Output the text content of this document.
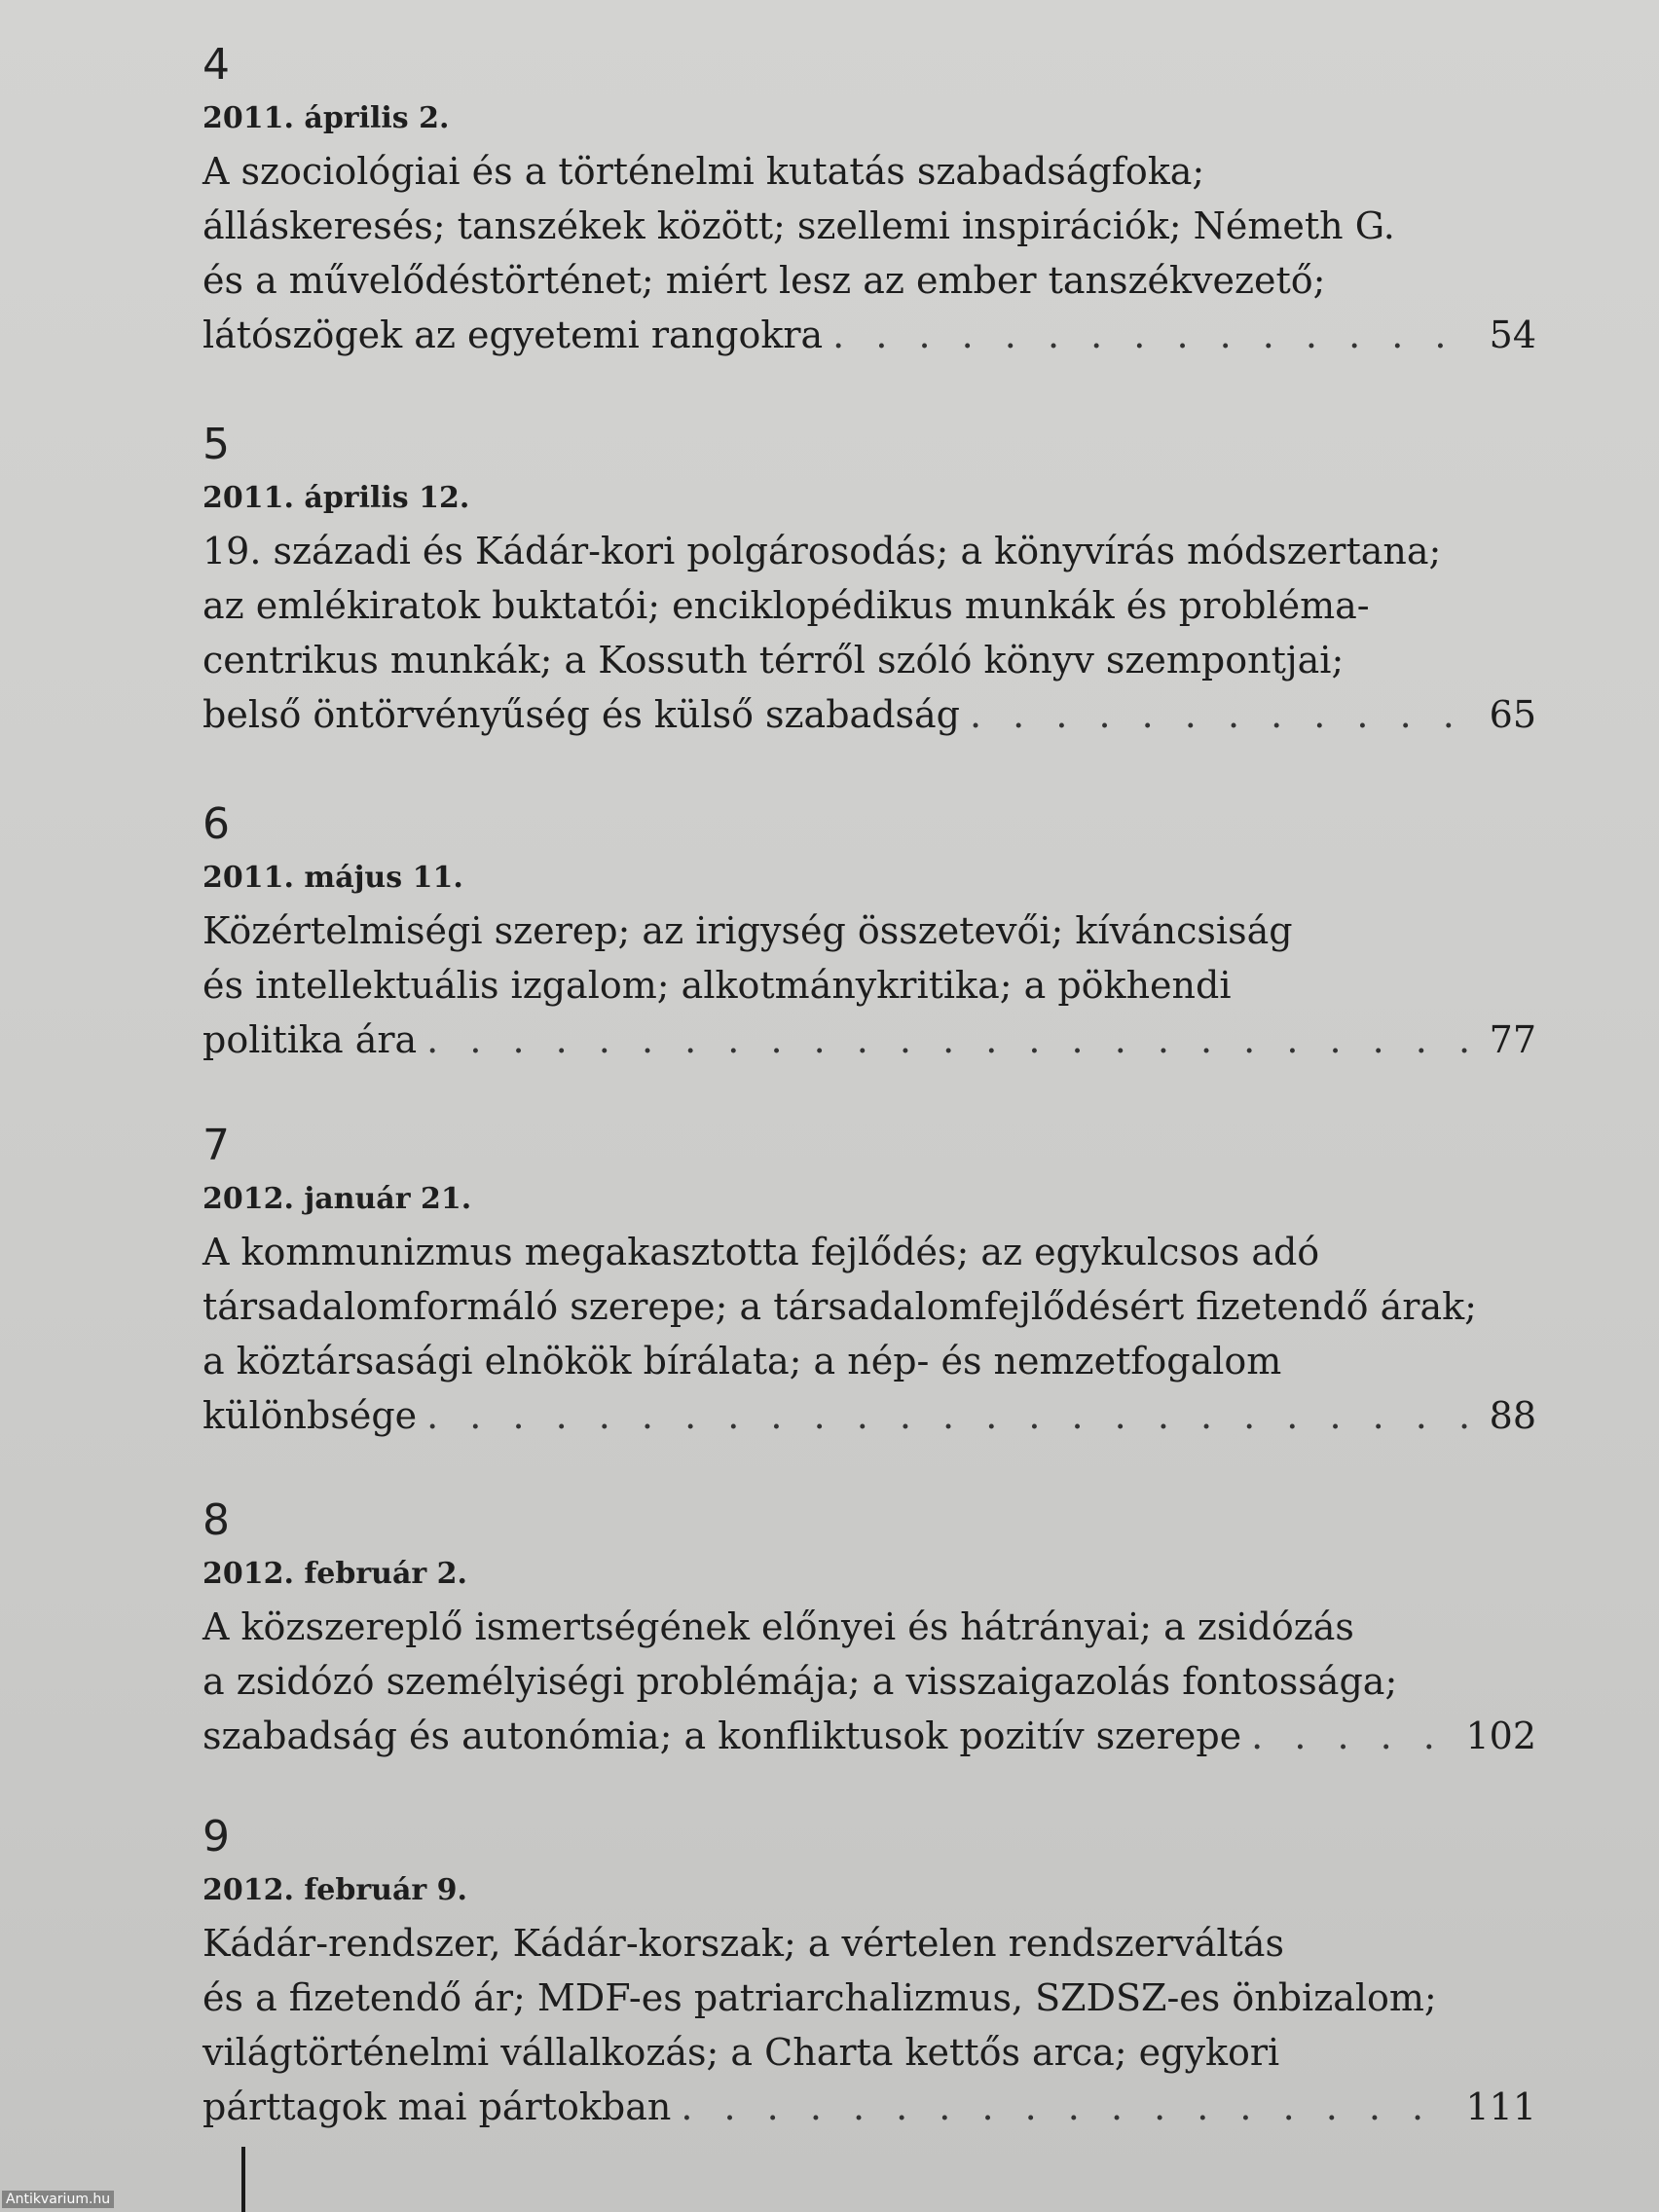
4
2011. április 2.
A szociológiai és a történelmi kutatás szabadságfoka;
álláskeresés; tanszékek között; szellemi inspirációk; Németh G.
és a művelődéstörténet; miért lesz az ember tanszékvezető;
látószögek az egyetemi rangokra . . .	54
5
2011. április 12.
19. századi és Kádár-kori polgárosodás; a könyvírás módszertana;
az emlékiratok buktatói; enciklopédikus munkák és probléma-
centrikus munkák; a Kossuth térről szóló könyv szempontjai;
belső öntörvényűség és külső szabadság . . .	65
6
2011. május 11.
Közértelmiségi szerep; az irigység összetevői; kíváncsiság
és intellektuális izgalom; alkotmánykritika; a pökhendi
politika ára . . .	77
7
2012. január 21.
A kommunizmus megakasztotta fejlődés; az egykulcsos adó
társadalomformáló szerepe; a társadalomfejlődésért fizetendő árak;
a köztársasági elnökök bírálata; a nép- és nemzetfogalom
különbsége . . .	88
8
2012. február 2.
A közszereplő ismertségének előnyei és hátrányai; a zsidózás
a zsidózó személyiségi problémája; a visszaigazolás fontossága;
szabadság és autonómia; a konfliktusok pozitív szerepe . . .	102
9
2012. február 9.
Kádár-rendszer, Kádár-korszak; a vértelen rendszerváltás
és a fizetendő ár; MDF-es patriarchalizmus, SZDSZ-es önbizalom;
világtörténelmi vállalkozás; a Charta kettős arca; egykori
párttagok mai pártokban . . .	111
Antikvarium.hu
